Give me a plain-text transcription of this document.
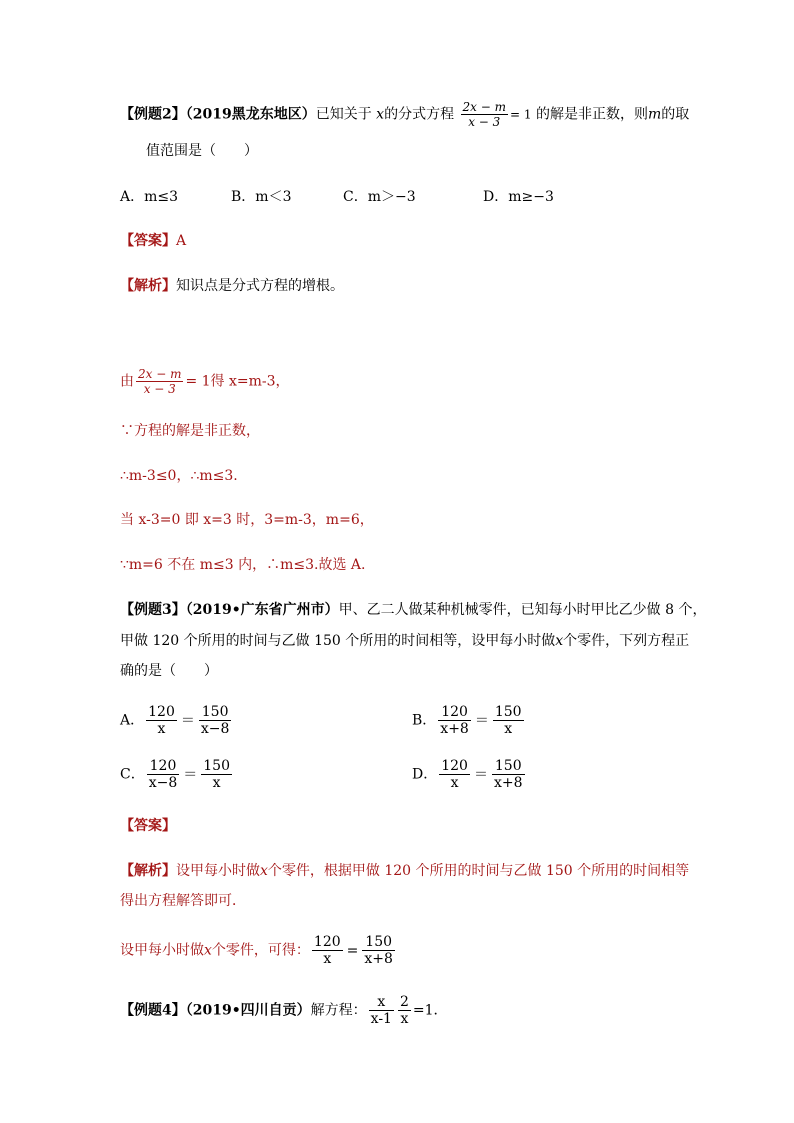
【例题2】（2019黑龙东地区）已知关于 x的分式方程 $\frac{2x - m}{x - 3} = 1$ 的解是非正数，则m的取
值范围是（　　）
A．m≤3	B．m＜3	C．m＞−3	D．m≥−3
【答案】A
【解析】知识点是分式方程的增根。
由 $\frac{2x - m}{x - 3} = 1$得 x=m-3，
∵方程的解是非正数，
∴m-3≤0，∴m≤3.
当 x-3=0 即 x=3 时，3=m-3，m=6，
∵m=6 不在 m≤3 内，∴m≤3.故选 A.
【例题3】（2019•广东省广州市）甲、乙二人做某种机械零件，已知每小时甲比乙少做 8 个，
甲做 120 个所用的时间与乙做 150 个所用的时间相等，设甲每小时做x个零件，下列方程正
确的是（　　）
A． $\frac{120}{x} = \frac{150}{x-8}$	B． $\frac{120}{x+8} = \frac{150}{x}$
C． $\frac{120}{x-8} = \frac{150}{x}$	D． $\frac{120}{x} = \frac{150}{x+8}$
【答案】
【解析】设甲每小时做x个零件，根据甲做 120 个所用的时间与乙做 150 个所用的时间相等
得出方程解答即可．
设甲每小时做x个零件，可得： $\frac{120}{x} = \frac{150}{x+8}$
【例题4】（2019•四川自贡）解方程： $\frac{x}{x-1} \frac{2}{x} =1$．
